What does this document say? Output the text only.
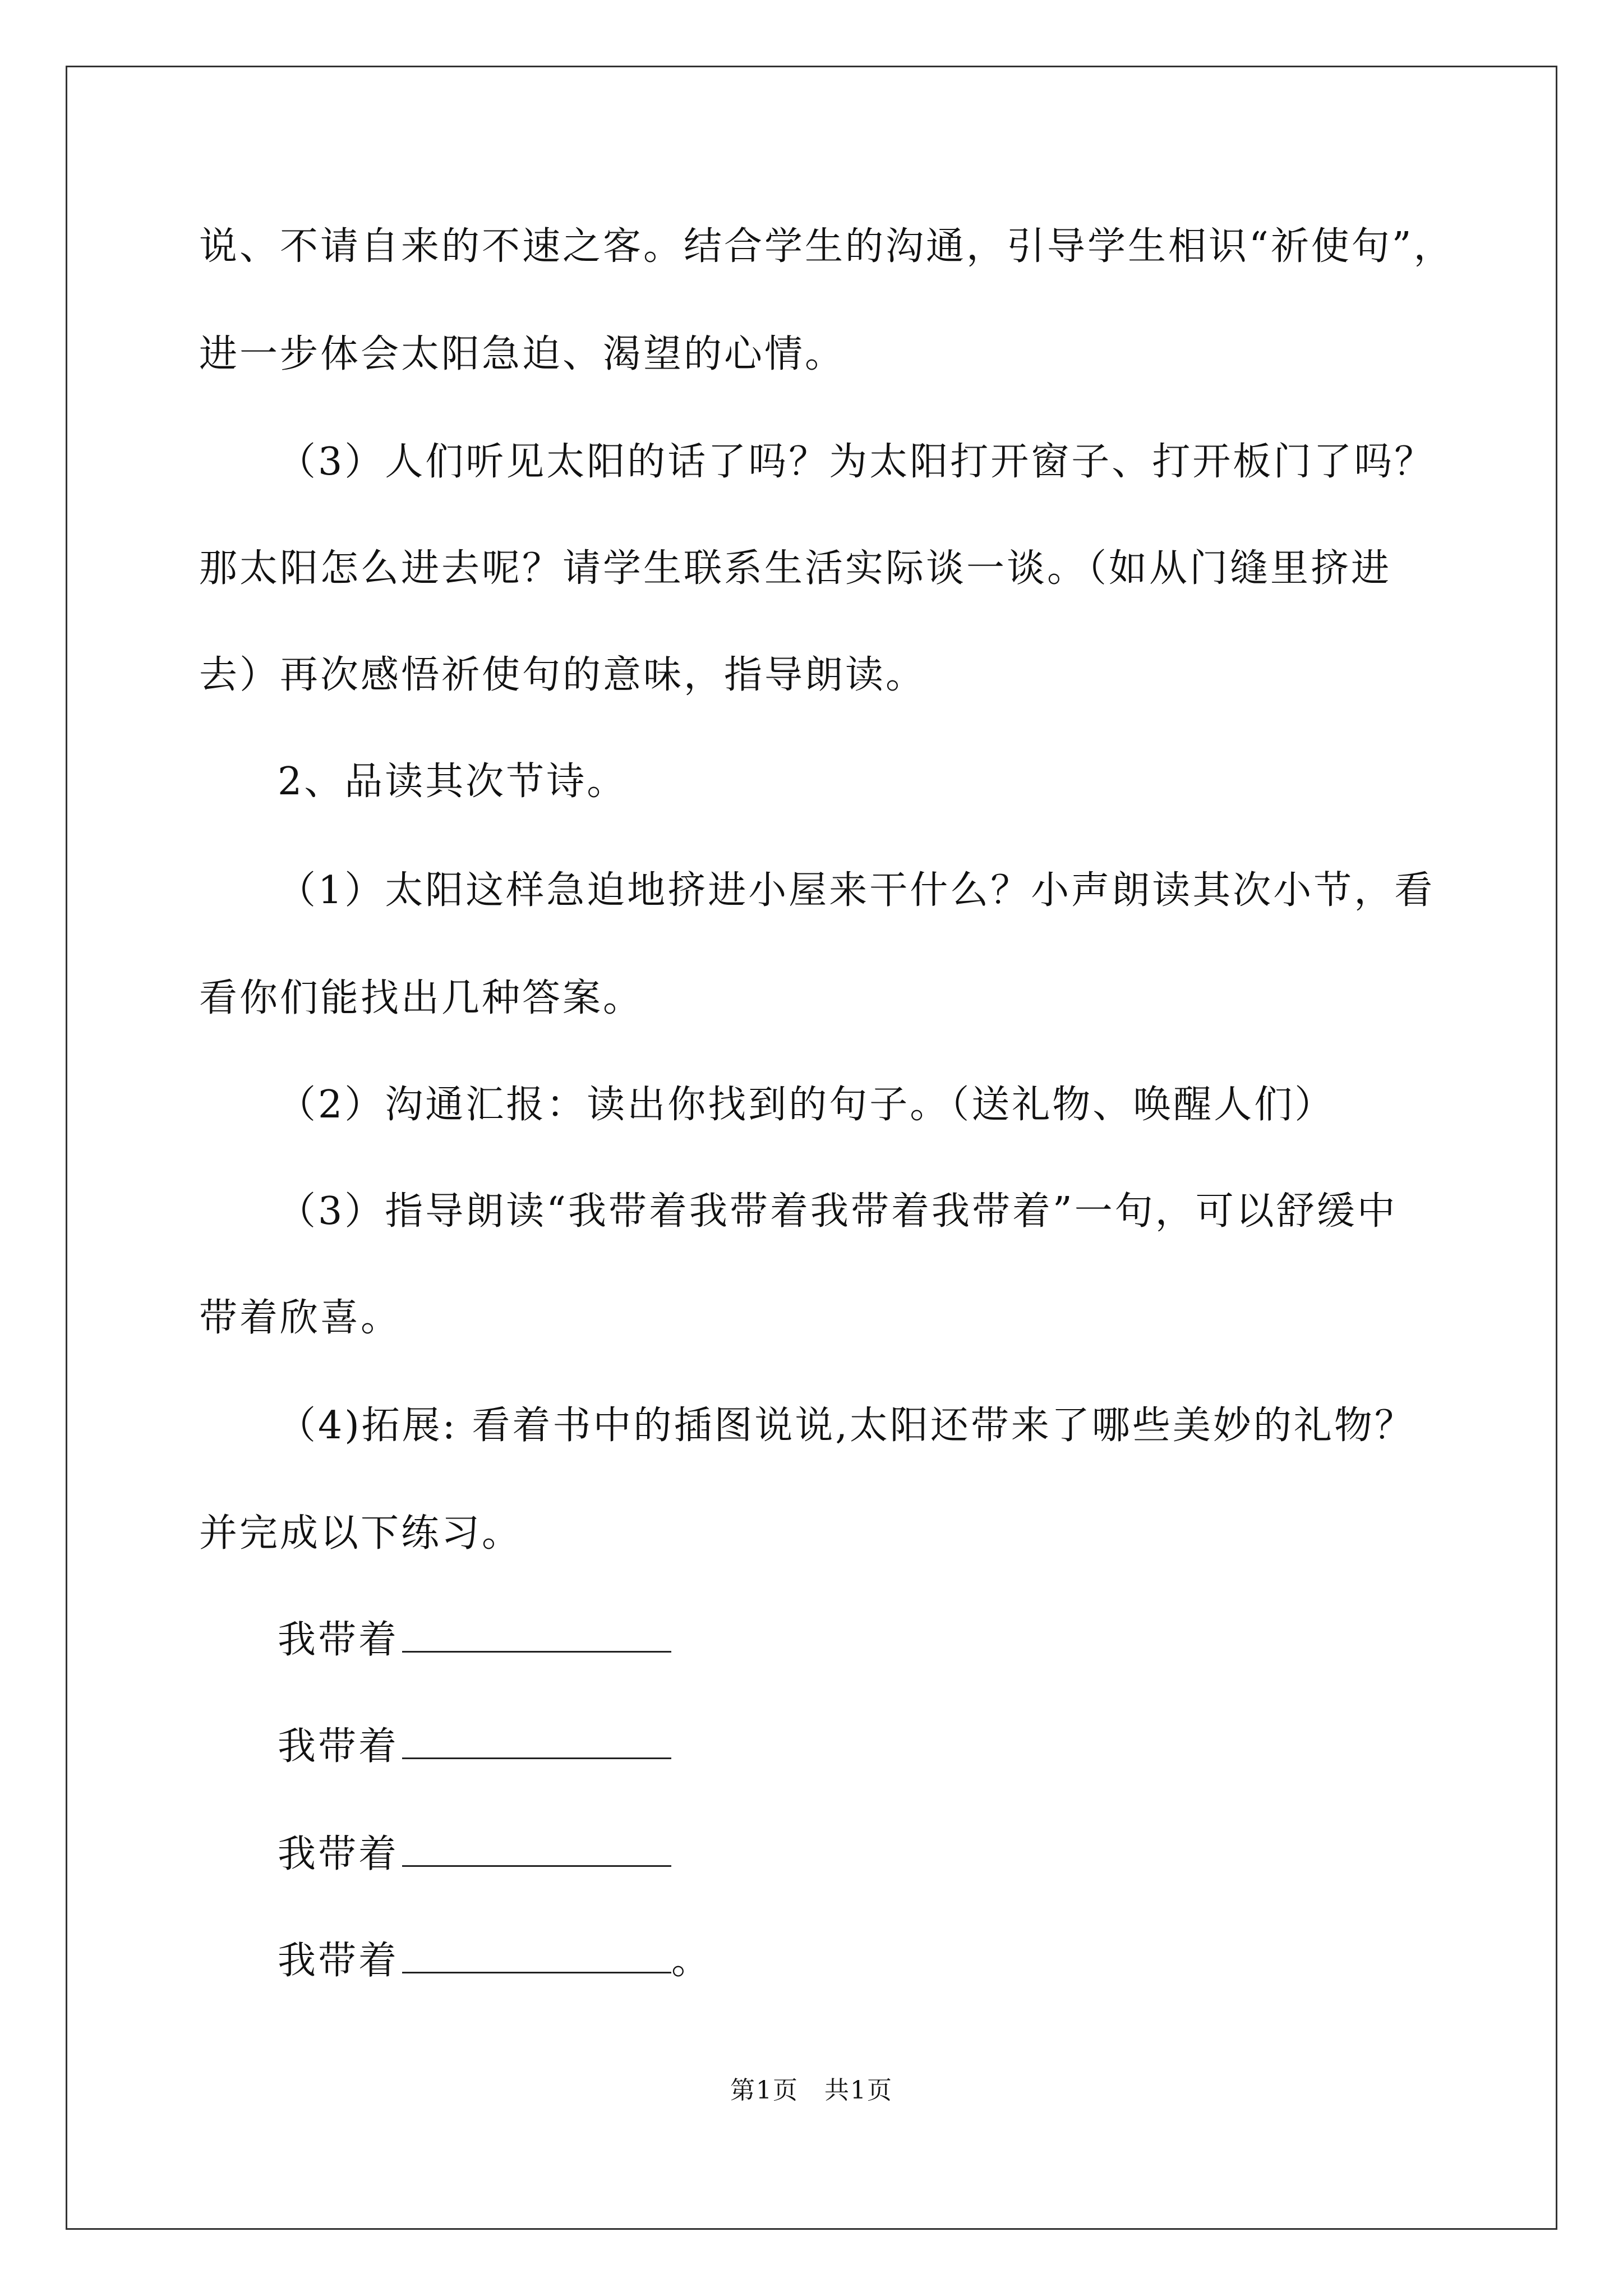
说、不请自来的不速之客。结合学生的沟通，引导学生相识“祈使句”，
进一步体会太阳急迫、渴望的心情。
（3）人们听见太阳的话了吗？为太阳打开窗子、打开板门了吗？
那太阳怎么进去呢？请学生联系生活实际谈一谈。（如从门缝里挤进
去）再次感悟祈使句的意味，指导朗读。
2、品读其次节诗。
（1）太阳这样急迫地挤进小屋来干什么？小声朗读其次小节，看
看你们能找出几种答案。
（2）沟通汇报：读出你找到的句子。（送礼物、唤醒人们）
（3）指导朗读“我带着我带着我带着我带着”一句，可以舒缓中
带着欣喜。
（4)拓展: 看着书中的插图说说,太阳还带来了哪些美妙的礼物？
并完成以下练习。
我带着
我带着
我带着
我带着	。
第1页　共1页
